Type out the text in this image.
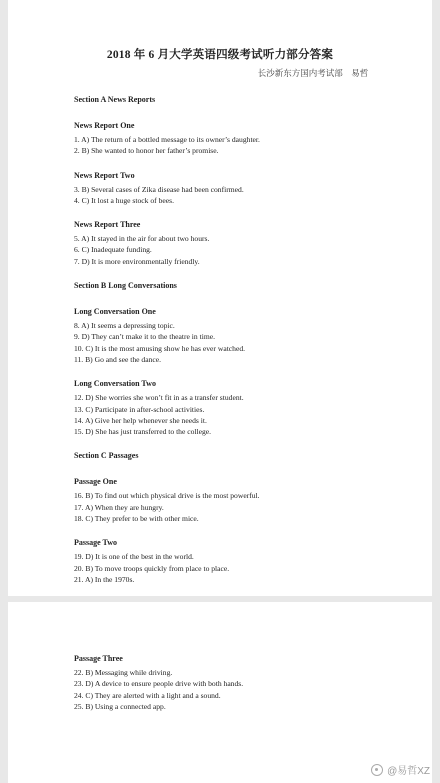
2018 年 6 月大学英语四级考试听力部分答案
长沙新东方国内考试部　易哲
Section A News Reports
News Report One

1. A) The return of a bottled message to its owner’s daughter.

2. B) She wanted to honor her father’s promise.

News Report Two

3. B) Several cases of Zika disease had been confirmed.

4. C) It lost a huge stock of bees.

News Report Three

5. A) It stayed in the air for about two hours.

6. C) Inadequate funding.

7. D) It is more environmentally friendly.

Section B Long Conversations
Long Conversation One

8. A) It seems a depressing topic.

9. D) They can’t make it to the theatre in time.

10. C) It is the most amusing show he has ever watched.

11. B) Go and see the dance.

Long Conversation Two

12. D) She worries she won’t fit in as a transfer student.

13. C) Participate in after-school activities.

14. A) Give her help whenever she needs it.

15. D) She has just transferred to the college.

Section C Passages
Passage One

16. B) To find out which physical drive is the most powerful.

17. A) When they are hungry.

18. C) They prefer to be with other mice.

Passage Two

19. D) It is one of the best in the world.

20. B) To move troops quickly from place to place.

21. A) In the 1970s.

Passage Three

22. B) Messaging while driving.

23. D) A device to ensure people drive with both hands.

24. C) They are alerted with a light and a sound.

25. B) Using a connected app.

@易哲XZ
